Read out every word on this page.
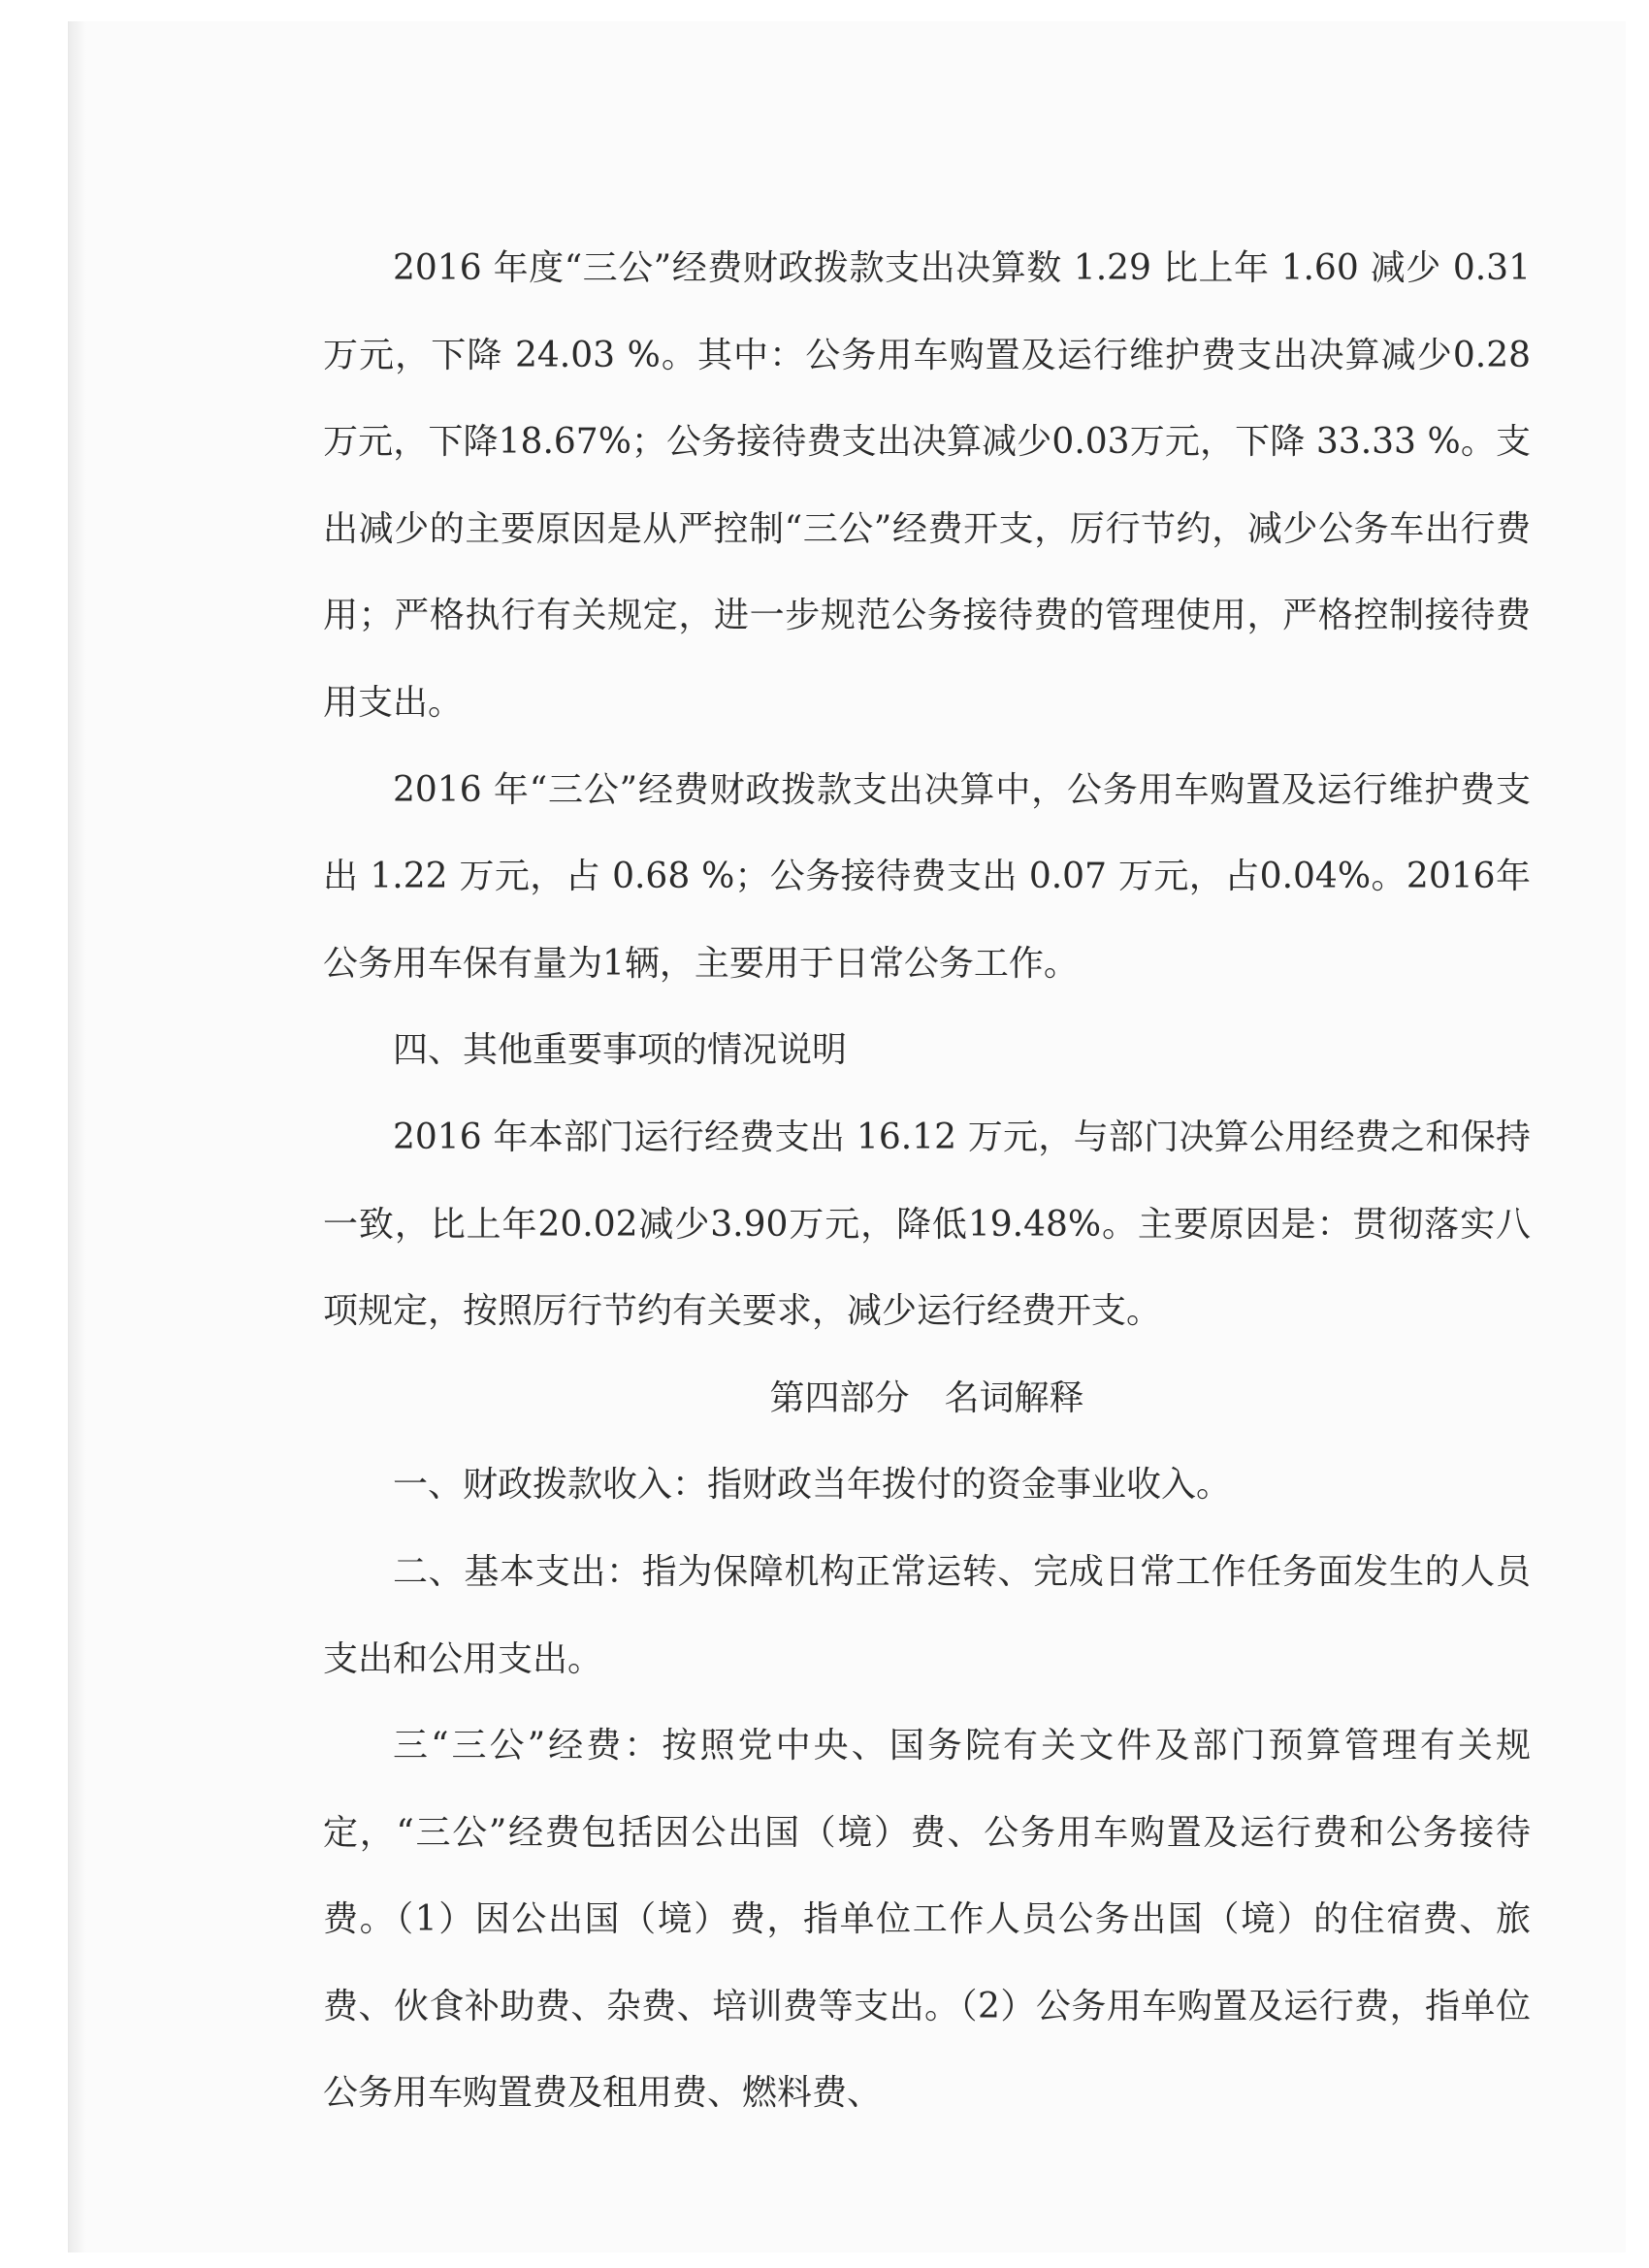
2016 年度“三公”经费财政拨款支出决算数 1.29 比上年 1.60 减少 0.31 万元，下降 24.03 %。其中：公务用车购置及运行维护费支出决算减少0.28万元，下降18.67%；公务接待费支出决算减少0.03万元，下降 33.33 %。支出减少的主要原因是从严控制“三公”经费开支，厉行节约，减少公务车出行费用；严格执行有关规定，进一步规范公务接待费的管理使用，严格控制接待费用支出。

2016 年“三公”经费财政拨款支出决算中，公务用车购置及运行维护费支出 1.22 万元，占 0.68 %；公务接待费支出 0.07 万元，占0.04%。2016年公务用车保有量为1辆，主要用于日常公务工作。

四、其他重要事项的情况说明

2016 年本部门运行经费支出 16.12 万元，与部门决算公用经费之和保持一致，比上年20.02减少3.90万元，降低19.48%。主要原因是：贯彻落实八项规定，按照厉行节约有关要求，减少运行经费开支。

第四部分　名词解释

一、财政拨款收入：指财政当年拨付的资金事业收入。

二、基本支出：指为保障机构正常运转、完成日常工作任务面发生的人员支出和公用支出。

三“三公”经费：按照党中央、国务院有关文件及部门预算管理有关规定，“三公”经费包括因公出国（境）费、公务用车购置及运行费和公务接待费。（1）因公出国（境）费，指单位工作人员公务出国（境）的住宿费、旅费、伙食补助费、杂费、培训费等支出。（2）公务用车购置及运行费，指单位公务用车购置费及租用费、燃料费、
